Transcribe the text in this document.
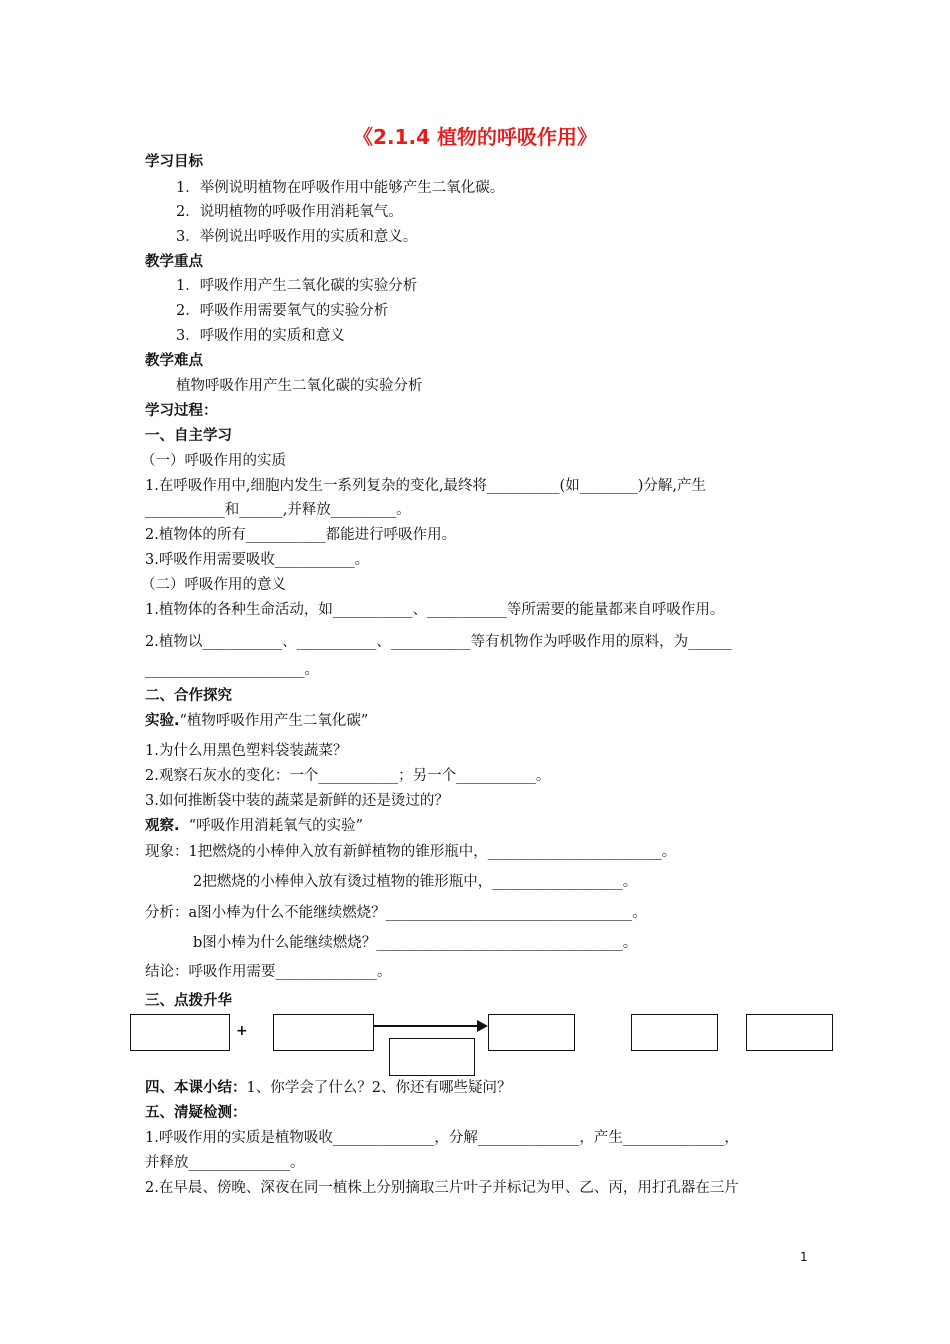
《2.1.4 植物的呼吸作用》
学习目标
1．举例说明植物在呼吸作用中能够产生二氧化碳。
2．说明植物的呼吸作用消耗氧气。
3．举例说出呼吸作用的实质和意义。
教学重点
1．呼吸作用产生二氧化碳的实验分析
2．呼吸作用需要氧气的实验分析
3．呼吸作用的实质和意义
教学难点
植物呼吸作用产生二氧化碳的实验分析
学习过程：
一、自主学习
（一）呼吸作用的实质
1.在呼吸作用中,细胞内发生一系列复杂的变化,最终将__________(如________)分解,产生
___________和______,并释放_________。
2.植物体的所有___________都能进行呼吸作用。
3.呼吸作用需要吸收___________。
（二）呼吸作用的意义
1.植物体的各种生命活动，如___________、___________等所需要的能量都来自呼吸作用。
2.植物以___________、___________、___________等有机物作为呼吸作用的原料，为______
______________________。
二、合作探究
实验.“植物呼吸作用产生二氧化碳”
1.为什么用黑色塑料袋装蔬菜？
2.观察石灰水的变化：一个___________；另一个___________。
3.如何推断袋中装的蔬菜是新鲜的还是烫过的？
观察. “呼吸作用消耗氧气的实验”
现象：1把燃烧的小棒伸入放有新鲜植物的锥形瓶中，________________________。
2把燃烧的小棒伸入放有烫过植物的锥形瓶中，__________________。
分析：a图小棒为什么不能继续燃烧？__________________________________。
b图小棒为什么能继续燃烧？__________________________________。
结论：呼吸作用需要______________。
三、点拨升华
+
四、本课小结：1、你学会了什么？2、你还有哪些疑问？
五、清疑检测：
1.呼吸作用的实质是植物吸收______________，分解______________，产生______________，
并释放______________。
2.在早晨、傍晚、深夜在同一植株上分别摘取三片叶子并标记为甲、乙、丙，用打孔器在三片
1
